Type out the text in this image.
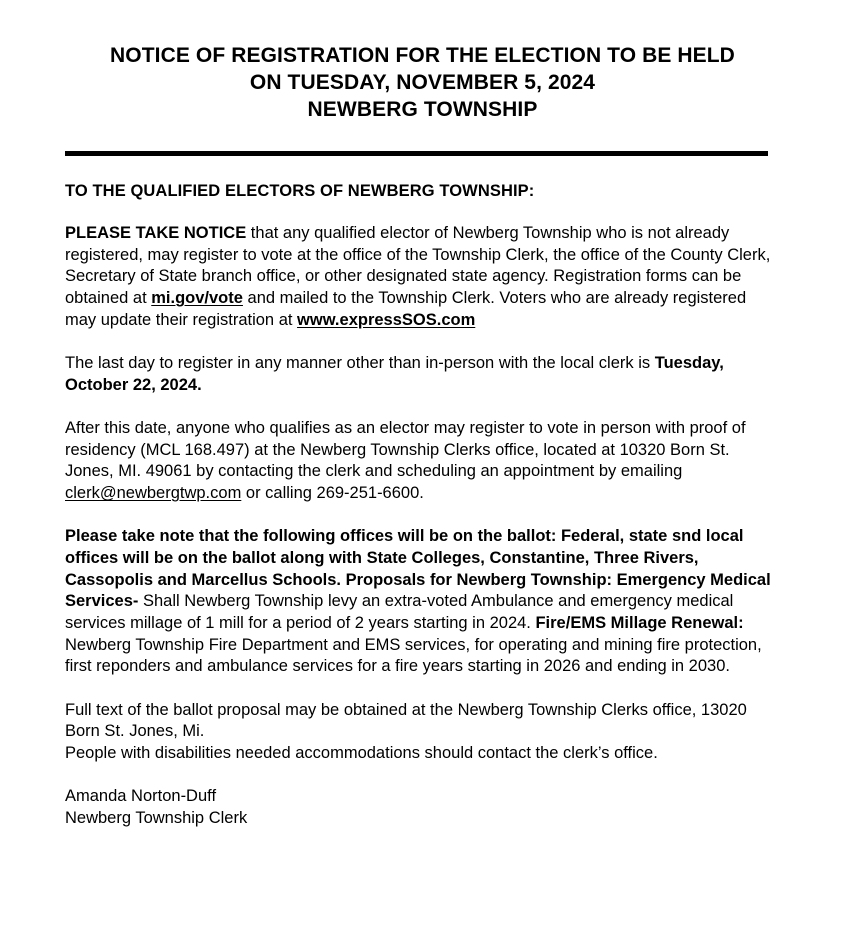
NOTICE OF REGISTRATION FOR THE ELECTION TO BE HELD
ON TUESDAY, NOVEMBER 5, 2024
NEWBERG TOWNSHIP
TO THE QUALIFIED ELECTORS OF NEWBERG TOWNSHIP:

PLEASE TAKE NOTICE that any qualified elector of Newberg Township who is not already registered, may register to vote at the office of the Township Clerk, the office of the County Clerk, Secretary of State branch office, or other designated state agency. Registration forms can be obtained at mi.gov/vote and mailed to the Township Clerk. Voters who are already registered may update their registration at www.expressSOS.com

The last day to register in any manner other than in-person with the local clerk is Tuesday, October 22, 2024.

After this date, anyone who qualifies as an elector may register to vote in person with proof of residency (MCL 168.497) at the Newberg Township Clerks office, located at 10320 Born St. Jones, MI. 49061 by contacting the clerk and scheduling an appointment by emailing clerk@newbergtwp.com or calling 269-251-6600.

Please take note that the following offices will be on the ballot: Federal, state snd local offices will be on the ballot along with State Colleges, Constantine, Three Rivers, Cassopolis and Marcellus Schools. Proposals for Newberg Township: Emergency Medical Services- Shall Newberg Township levy an extra-voted Ambulance and emergency medical services millage of 1 mill for a period of 2 years starting in 2024. Fire/EMS Millage Renewal: Newberg Township Fire Department and EMS services, for operating and mining fire protection, first reponders and ambulance services for a fire years starting in 2026 and ending in 2030.

Full text of the ballot proposal may be obtained at the Newberg Township Clerks office, 13020 Born St. Jones, Mi.
People with disabilities needed accommodations should contact the clerk’s office.

Amanda Norton-Duff
Newberg Township Clerk
